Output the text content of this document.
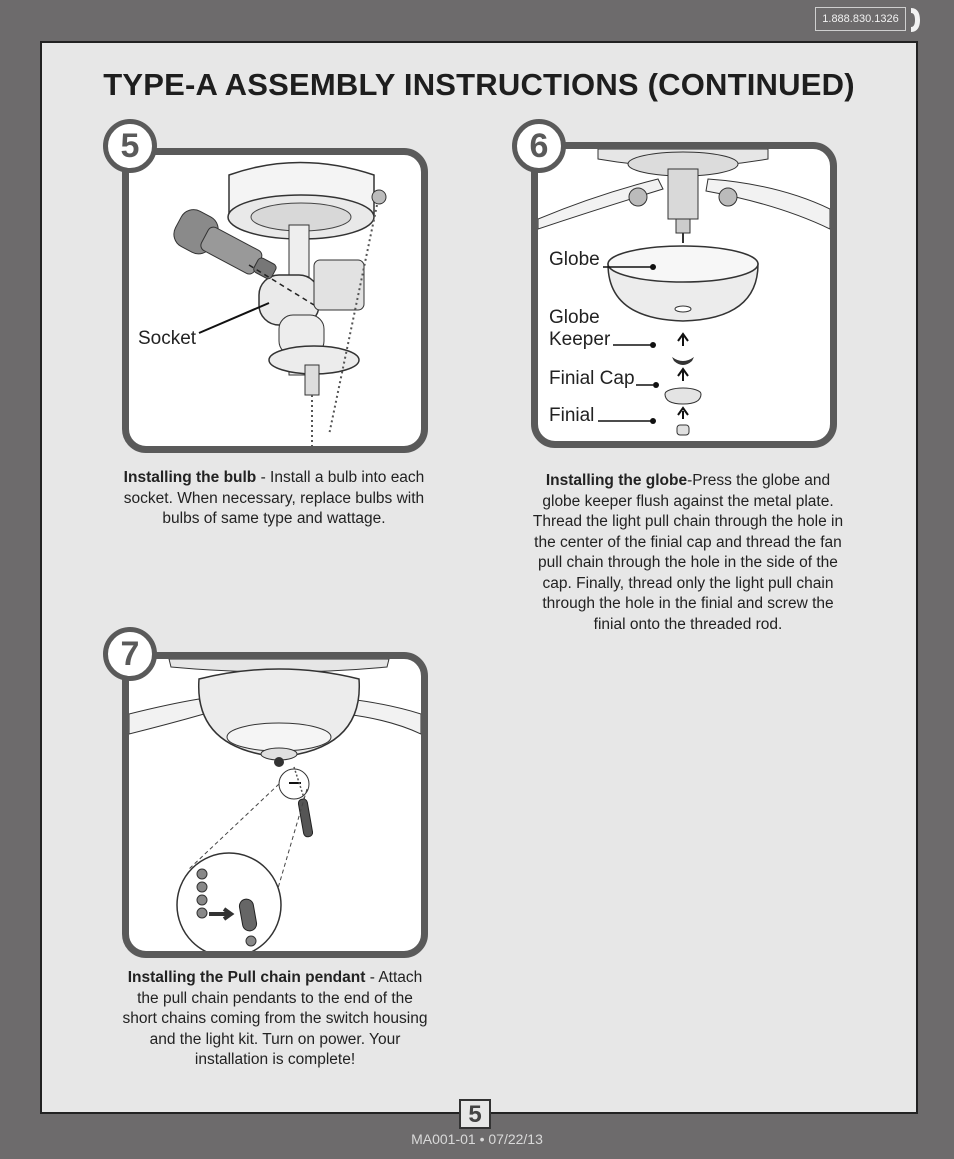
1.888.830.1326
TYPE-A ASSEMBLY INSTRUCTIONS (CONTINUED)
5
Socket
Installing the bulb - Install a bulb into each socket. When necessary, replace bulbs with bulbs of same type and wattage.
6
Globe
Globe
Keeper
Finial Cap
Finial
Installing the globe-Press the globe and globe keeper flush against the metal plate. Thread the light pull chain through the hole in the center of the finial cap and thread the fan pull chain through the hole in the side of the cap. Finally, thread only the light pull chain through the hole in the finial and screw the finial onto the threaded rod.
7
Installing the Pull chain pendant - Attach the pull chain pendants to the end of the short chains coming from the switch housing and the light kit. Turn on power. Your installation is complete!
5
MA001-01 • 07/22/13
